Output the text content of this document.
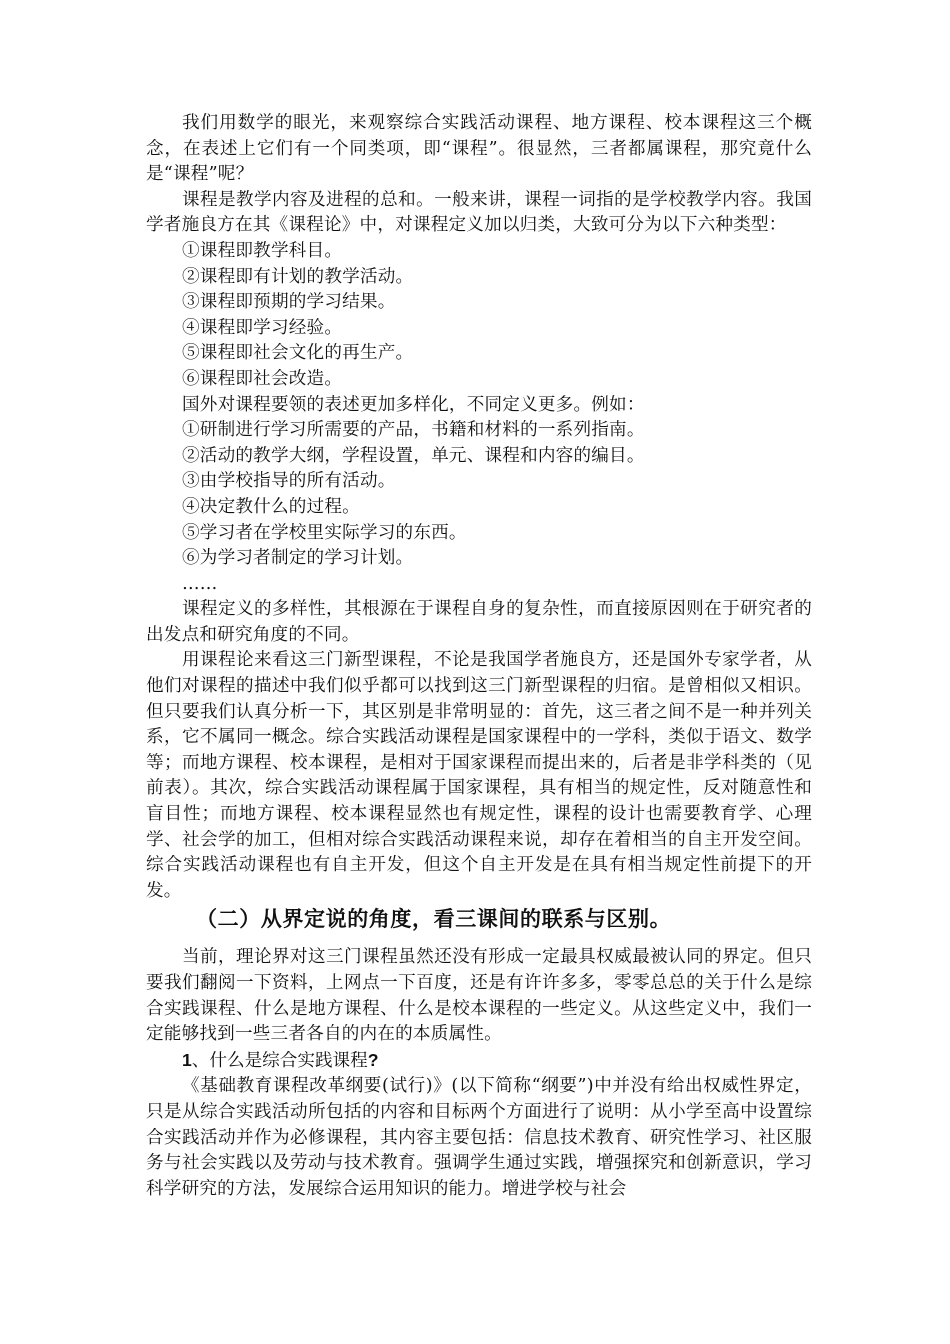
我们用数学的眼光，来观察综合实践活动课程、地方课程、校本课程这三个概念，在表述上它们有一个同类项，即“课程”。很显然，三者都属课程，那究竟什么是“课程”呢？

课程是教学内容及进程的总和。一般来讲，课程一词指的是学校教学内容。我国学者施良方在其《课程论》中，对课程定义加以归类，大致可分为以下六种类型：

①课程即教学科目。

②课程即有计划的教学活动。

③课程即预期的学习结果。

④课程即学习经验。

⑤课程即社会文化的再生产。

⑥课程即社会改造。

国外对课程要领的表述更加多样化，不同定义更多。例如：

①研制进行学习所需要的产品，书籍和材料的一系列指南。

②活动的教学大纲，学程设置，单元、课程和内容的编目。

③由学校指导的所有活动。

④决定教什么的过程。

⑤学习者在学校里实际学习的东西。

⑥为学习者制定的学习计划。

……

课程定义的多样性，其根源在于课程自身的复杂性，而直接原因则在于研究者的出发点和研究角度的不同。

用课程论来看这三门新型课程，不论是我国学者施良方，还是国外专家学者，从他们对课程的描述中我们似乎都可以找到这三门新型课程的归宿。是曾相似又相识。但只要我们认真分析一下，其区别是非常明显的：首先，这三者之间不是一种并列关系，它不属同一概念。综合实践活动课程是国家课程中的一学科，类似于语文、数学等；而地方课程、校本课程，是相对于国家课程而提出来的，后者是非学科类的（见前表）。其次，综合实践活动课程属于国家课程，具有相当的规定性，反对随意性和盲目性；而地方课程、校本课程显然也有规定性，课程的设计也需要教育学、心理学、社会学的加工，但相对综合实践活动课程来说，却存在着相当的自主开发空间。综合实践活动课程也有自主开发，但这个自主开发是在具有相当规定性前提下的开发。

（二）从界定说的角度，看三课间的联系与区别。

当前，理论界对这三门课程虽然还没有形成一定最具权威最被认同的界定。但只要我们翻阅一下资料，上网点一下百度，还是有许许多多，零零总总的关于什么是综合实践课程、什么是地方课程、什么是校本课程的一些定义。从这些定义中，我们一定能够找到一些三者各自的内在的本质属性。

1、什么是综合实践课程?

《基础教育课程改革纲要(试行)》(以下简称“纲要”)中并没有给出权威性界定，只是从综合实践活动所包括的内容和目标两个方面进行了说明：从小学至高中设置综合实践活动并作为必修课程，其内容主要包括：信息技术教育、研究性学习、社区服务与社会实践以及劳动与技术教育。强调学生通过实践，增强探究和创新意识，学习科学研究的方法，发展综合运用知识的能力。增进学校与社会
